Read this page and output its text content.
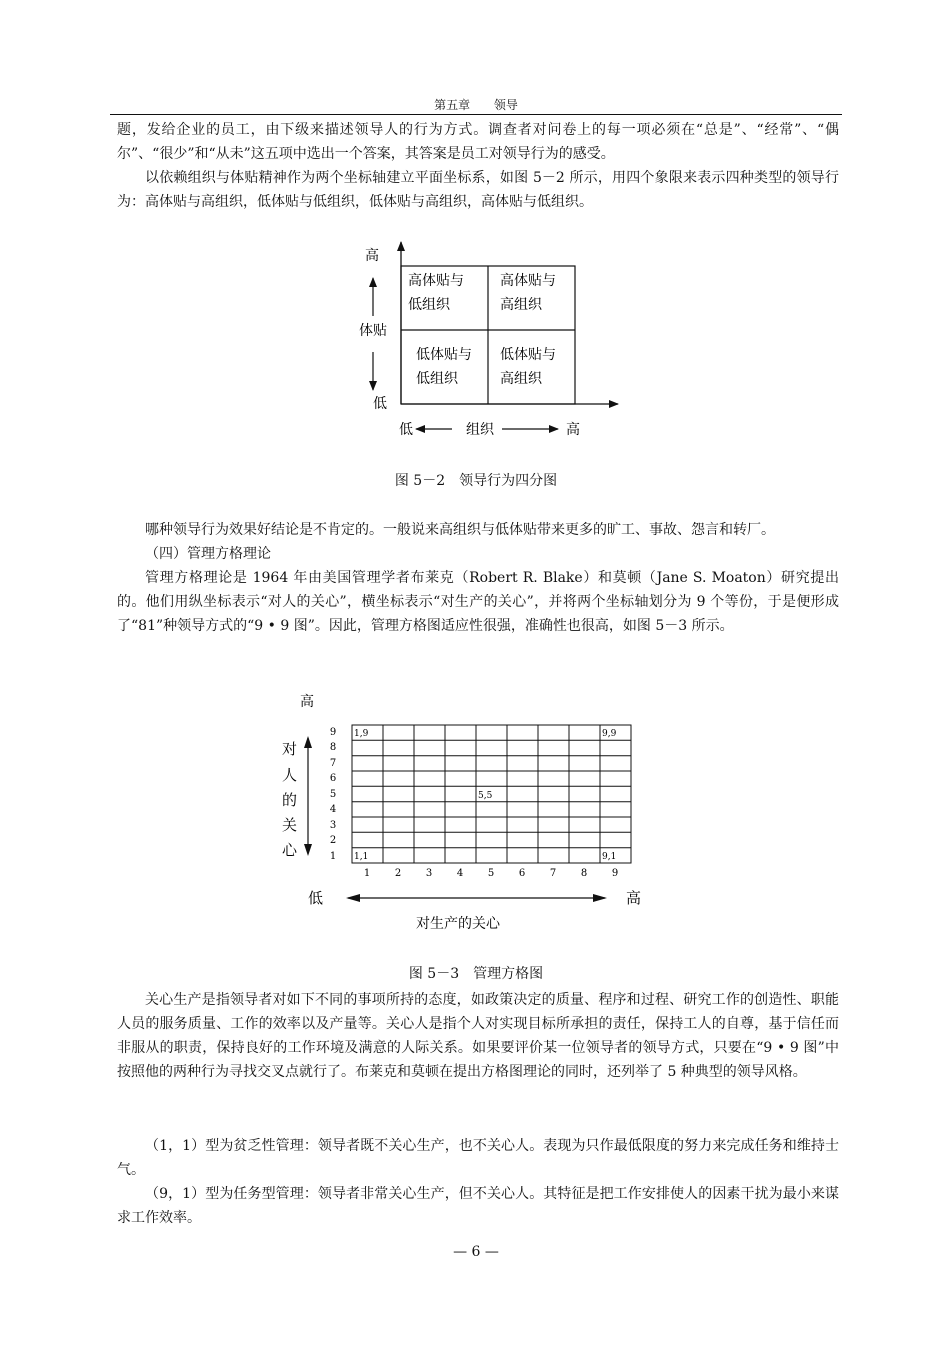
第五章 领导

题，发给企业的员工，由下级来描述领导人的行为方式。调查者对问卷上的每一项必须在“总是”、“经常”、“偶尔”、“很少”和“从未”这五项中选出一个答案，其答案是员工对领导行为的感受。

以依赖组织与体贴精神作为两个坐标轴建立平面坐标系，如图 5－2 所示，用四个象限来表示四种类型的领导行为：高体贴与高组织，低体贴与低组织，低体贴与高组织，高体贴与低组织。

高体贴与
低组织
高体贴与
高组织
低体贴与
低组织
低体贴与
高组织
高
体贴
低
低	组织	高
图 5－2　领导行为四分图

哪种领导行为效果好结论是不肯定的。一般说来高组织与低体贴带来更多的旷工、事故、怨言和转厂。

（四）管理方格理论

管理方格理论是 1964 年由美国管理学者布莱克（Robert R. Blake）和莫顿（Jane S. Moaton）研究提出的。他们用纵坐标表示“对人的关心”，横坐标表示“对生产的关心”，并将两个坐标轴划分为 9 个等份，于是便形成了“81”种领导方式的“9 • 9 图”。因此，管理方格图适应性很强，准确性也很高，如图 5－3 所示。

高
对
人
的
关
心
9
8
7
6
5
4
3
2
1
1,9	9,9
5,5
1,1	9,1
1 2 3 4 5 6 7 8 9
低	高
对生产的关心
图 5－3　管理方格图

关心生产是指领导者对如下不同的事项所持的态度，如政策决定的质量、程序和过程、研究工作的创造性、职能人员的服务质量、工作的效率以及产量等。关心人是指个人对实现目标所承担的责任，保持工人的自尊，基于信任而非服从的职责，保持良好的工作环境及满意的人际关系。如果要评价某一位领导者的领导方式，只要在“9 • 9 图”中按照他的两种行为寻找交叉点就行了。布莱克和莫顿在提出方格图理论的同时，还列举了 5 种典型的领导风格。

（1，1）型为贫乏性管理：领导者既不关心生产，也不关心人。表现为只作最低限度的努力来完成任务和维持士气。

（9，1）型为任务型管理：领导者非常关心生产，但不关心人。其特征是把工作安排使人的因素干扰为最小来谋求工作效率。

— 6 —
